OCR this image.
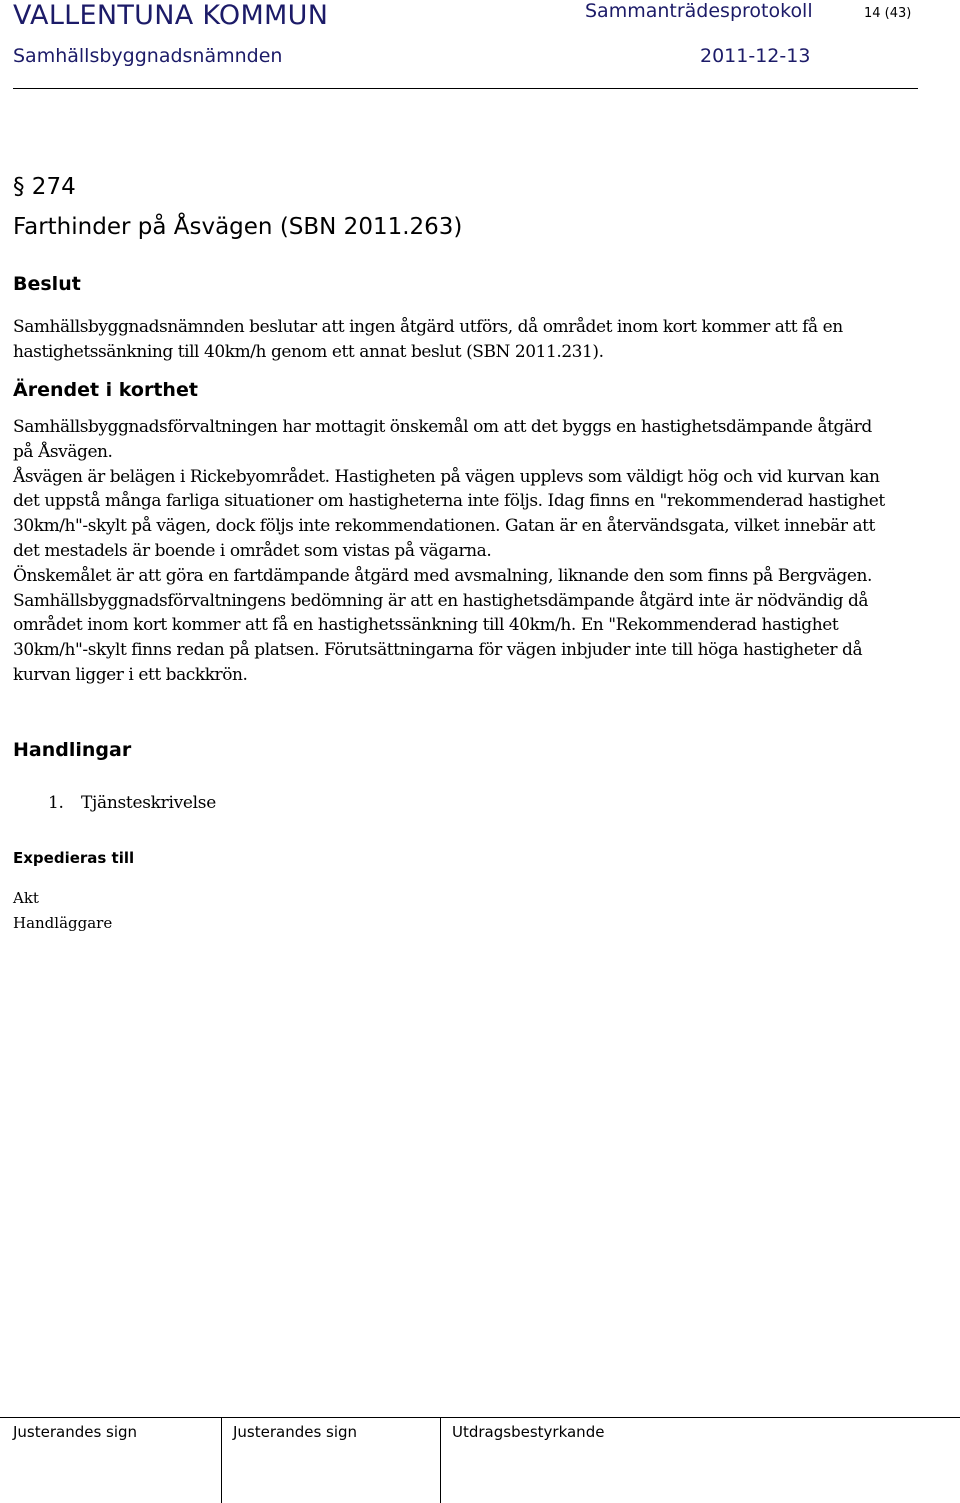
VALLENTUNA KOMMUN	Sammanträdesprotokoll	14 (43)
Samhällsbyggnadsnämnden	2011-12-13
§ 274
Farthinder på Åsvägen (SBN 2011.263)
Beslut

Samhällsbyggnadsnämnden beslutar att ingen åtgärd utförs, då området inom kort kommer att få en hastighetssänkning till 40km/h genom ett annat beslut (SBN 2011.231).

Ärendet i korthet

Samhällsbyggnadsförvaltningen har mottagit önskemål om att det byggs en hastighetsdämpande åtgärd på Åsvägen.

Åsvägen är belägen i Rickebyområdet. Hastigheten på vägen upplevs som väldigt hög och vid kurvan kan det uppstå många farliga situationer om hastigheterna inte följs. Idag finns en "rekommenderad hastighet 30km/h"-skylt på vägen, dock följs inte rekommendationen. Gatan är en återvändsgata, vilket innebär att det mestadels är boende i området som vistas på vägarna.

Önskemålet är att göra en fartdämpande åtgärd med avsmalning, liknande den som finns på Bergvägen.

Samhällsbyggnadsförvaltningens bedömning är att en hastighetsdämpande åtgärd inte är nödvändig då området inom kort kommer att få en hastighetssänkning till 40km/h. En "Rekommenderad hastighet 30km/h"-skylt finns redan på platsen. Förutsättningarna för vägen inbjuder inte till höga hastigheter då kurvan ligger i ett backkrön.

Handlingar
1. Tjänsteskrivelse
Expedieras till
Akt
Handläggare
Justerandes sign	Justerandes sign	Utdragsbestyrkande
